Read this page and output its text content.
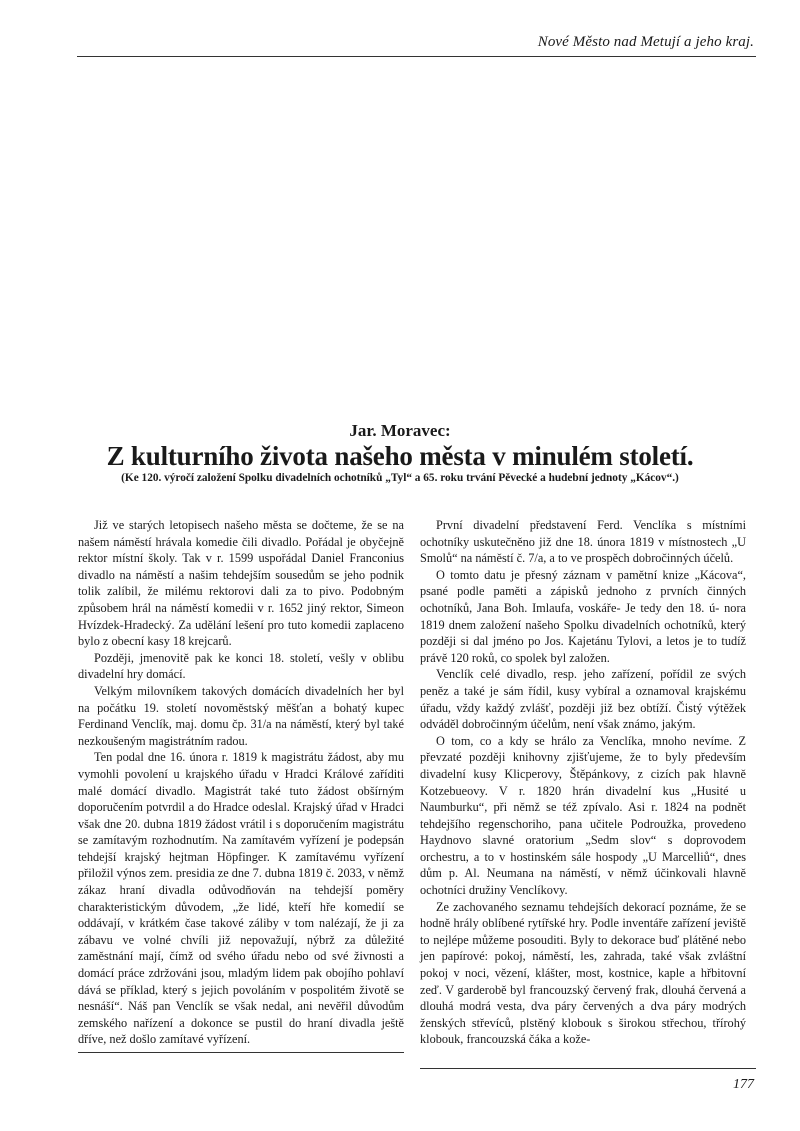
Nové Město nad Metují a jeho kraj.
Jar. Moravec:
Z kulturního života našeho města v minulém století.
(Ke 120. výročí založení Spolku divadelních ochotníků „Tyl“ a 65. roku trvání Pěvecké a hudební jednoty „Kácov“.)

Již ve starých letopisech našeho města se dočteme, že se na našem náměstí hrávala komedie čili divadlo. Pořádal je obyčejně rektor místní školy. Tak v r. 1599 uspořádal Daniel Franconius divadlo na náměstí a našim tehdejším sousedům se jeho podnik tolik zalíbil, že milému rektorovi dali za to pivo. Podobným způsobem hrál na náměstí komedii v r. 1652 jiný rektor, Simeon Hvízdek-Hradecký. Za udělání lešení pro tuto komedii zaplaceno bylo z obecní kasy 18 krejcarů.

Později, jmenovitě pak ke konci 18. století, vešly v oblibu divadelní hry domácí.

Velkým milovníkem takových domácích divadelních her byl na počátku 19. století novoměstský měšťan a bohatý kupec Ferdinand Venclík, maj. domu čp. 31/a na náměstí, který byl také nezkoušeným magistrátním radou.

Ten podal dne 16. února r. 1819 k magistrátu žádost, aby mu vymohli povolení u krajského úřadu v Hradci Králové zaříditi malé domácí divadlo. Magistrát také tuto žádost obšírným doporučením potvrdil a do Hradce odeslal. Krajský úřad v Hradci však dne 20. dubna 1819 žádost vrátil i s doporučením magistrátu se zamítavým rozhodnutím. Na zamítavém vyřízení je podepsán tehdejší krajský hejtman Höpfinger. K zamítavému vyřízení přiložil výnos zem. presidia ze dne 7. dubna 1819 č. 2033, v němž zákaz hraní divadla odůvodňován na tehdejší poměry charakteristickým důvodem, „že lidé, kteří hře komedií se oddávají, v krátkém čase takové záliby v tom nalézají, že ji za zábavu ve volné chvíli již nepovažují, nýbrž za důležité zaměstnání mají, čímž od svého úřadu nebo od své živnosti a domácí práce zdržováni jsou, mladým lidem pak obojího pohlaví dává se příklad, který s jejich povoláním v pospolitém životě se nesnáší“. Náš pan Venclík se však nedal, ani nevěřil důvodům zemského nařízení a dokonce se pustil do hraní divadla ještě dříve, než došlo zamítavé vyřízení.

První divadelní představení Ferd. Venclíka s místními ochotníky uskutečněno již dne 18. února 1819 v místnostech „U Smolů“ na náměstí č. 7/a, a to ve prospěch dobročinných účelů.

O tomto datu je přesný záznam v pamětní knize „Kácova“, psané podle paměti a zápisků jednoho z prvních činných ochotníků, Jana Boh. Imlaufa, voskáře- Je tedy den 18. ú- nora 1819 dnem založení našeho Spolku divadelních ochotníků, který později si dal jméno po Jos. Kajetánu Tylovi, a letos je to tudíž právě 120 roků, co spolek byl založen.

Venclík celé divadlo, resp. jeho zařízení, pořídil ze svých peněz a také je sám řídil, kusy vybíral a oznamoval krajskému úřadu, vždy každý zvlášť, později již bez obtíží. Čistý výtěžek odváděl dobročinným účelům, není však známo, jakým.

O tom, co a kdy se hrálo za Venclíka, mnoho nevíme. Z převzaté později knihovny zjišťujeme, že to byly především divadelní kusy Klicperovy, Štěpánkovy, z cizích pak hlavně Kotzebueovy. V r. 1820 hrán divadelní kus „Husité u Naumburku“, při němž se též zpívalo. Asi r. 1824 na podnět tehdejšího regenschoriho, pana učitele Podroužka, provedeno Haydnovo slavné oratorium „Sedm slov“ s doprovodem orchestru, a to v hostinském sále hospody „U Marcelliů“, dnes dům p. Al. Neumana na náměstí, v němž účinkovali hlavně ochotníci družiny Venclíkovy.

Ze zachovaného seznamu tehdejších dekorací poznáme, že se hodně hrály oblíbené rytířské hry. Podle inventáře zařízení jeviště to nejlépe můžeme posouditi. Byly to dekorace buď plátěné nebo jen papírové: pokoj, náměstí, les, zahrada, také však zvláštní pokoj v noci, vězení, klášter, most, kostnice, kaple a hřbitovní zeď. V garderobě byl francouzský červený frak, dlouhá červená a dlouhá modrá vesta, dva páry červených a dva páry modrých ženských střevíců, plstěný klobouk s širokou střechou, třírohý klobouk, francouzská čáka a kože-

177
